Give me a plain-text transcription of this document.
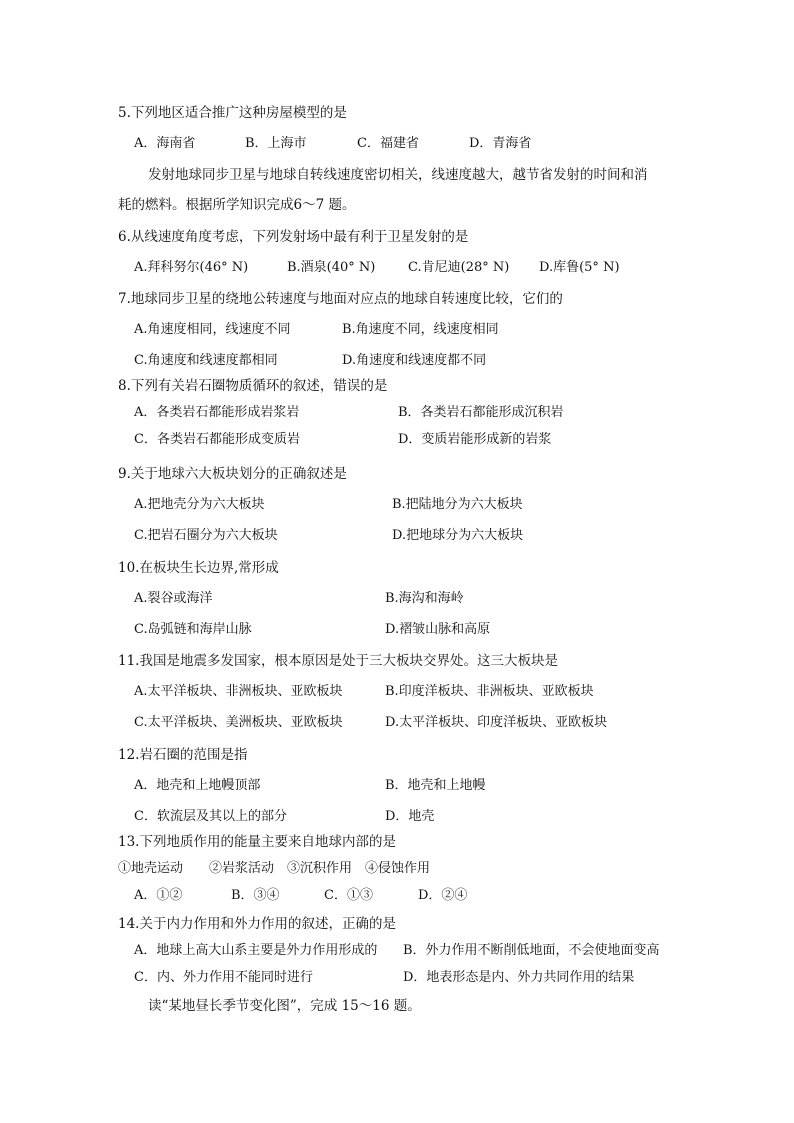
5.下列地区适合推广这种房屋模型的是
A．海南省	B．上海市	C．福建省	D．青海省
发射地球同步卫星与地球自转线速度密切相关，线速度越大，越节省发射的时间和消
耗的燃料。根据所学知识完成6～7 题。
6.从线速度角度考虑，下列发射场中最有利于卫星发射的是
A.拜科努尔(46° N)	B.酒泉(40° N)	C.肯尼迪(28° N) D.库鲁(5° N)
7.地球同步卫星的绕地公转速度与地面对应点的地球自转速度比较，它们的
A.角速度相同，线速度不同	B.角速度不同，线速度相同
C.角速度和线速度都相同	D.角速度和线速度都不同
8.下列有关岩石圈物质循环的叙述，错误的是
A．各类岩石都能形成岩浆岩	B．各类岩石都能形成沉积岩
C．各类岩石都能形成变质岩	D．变质岩能形成新的岩浆
9.关于地球六大板块划分的正确叙述是
A.把地壳分为六大板块	B.把陆地分为六大板块
C.把岩石圈分为六大板块	D.把地球分为六大板块
10.在板块生长边界,常形成
A.裂谷或海洋	B.海沟和海岭
C.岛弧链和海岸山脉	D.褶皱山脉和高原
11.我国是地震多发国家，根本原因是处于三大板块交界处。这三大板块是
A.太平洋板块、非洲板块、亚欧板块	B.印度洋板块、非洲板块、亚欧板块
C.太平洋板块、美洲板块、亚欧板块	D.太平洋板块、印度洋板块、亚欧板块
12.岩石圈的范围是指
A．地壳和上地幔顶部	B．地壳和上地幔
C．软流层及其以上的部分	D．地壳
13.下列地质作用的能量主要来自地球内部的是
①地壳运动　　②岩浆活动　③沉积作用　④侵蚀作用
A．①②	B．③④	C．①③	D．②④
14.关于内力作用和外力作用的叙述，正确的是
A．地球上高大山系主要是外力作用形成的 B．外力作用不断削低地面，不会使地面变高
C．内、外力作用不能同时进行	D．地表形态是内、外力共同作用的结果
读“某地昼长季节变化图”，完成 15～16 题。
